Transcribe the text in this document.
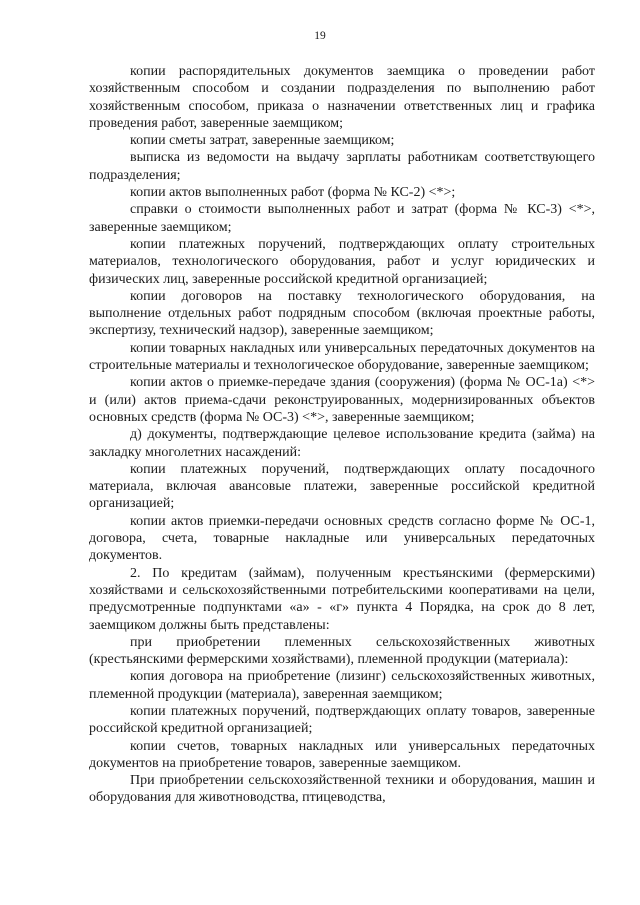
19

копии распорядительных документов заемщика о проведении работ хозяйственным способом и создании подразделения по выполнению работ хозяйственным способом, приказа о назначении ответственных лиц и графика проведения работ, заверенные заемщиком;

копии сметы затрат, заверенные заемщиком;

выписка из ведомости на выдачу зарплаты работникам соответствующего подразделения;

копии актов выполненных работ (форма № КС-2) <*>;

справки о стоимости выполненных работ и затрат (форма № КС-3) <*>, заверенные заемщиком;

копии платежных поручений, подтверждающих оплату строительных материалов, технологического оборудования, работ и услуг юридических и физических лиц, заверенные российской кредитной организацией;

копии договоров на поставку технологического оборудования, на выполнение отдельных работ подрядным способом (включая проектные работы, экспертизу, технический надзор), заверенные заемщиком;

копии товарных накладных или универсальных передаточных документов на строительные материалы и технологическое оборудование, заверенные заемщиком;

копии актов о приемке-передаче здания (сооружения) (форма № ОС-1а) <*> и (или) актов приема-сдачи реконструированных, модернизированных объектов основных средств (форма № ОС-3) <*>, заверенные заемщиком;

д) документы, подтверждающие целевое использование кредита (займа) на закладку многолетних насаждений:

копии платежных поручений, подтверждающих оплату посадочного материала, включая авансовые платежи, заверенные российской кредитной организацией;

копии актов приемки-передачи основных средств согласно форме № ОС-1, договора, счета, товарные накладные или универсальных передаточных документов.

2. По кредитам (займам), полученным крестьянскими (фермерскими) хозяйствами и сельскохозяйственными потребительскими кооперативами на цели, предусмотренные подпунктами «а» - «г» пункта 4 Порядка, на срок до 8 лет, заемщиком должны быть представлены:

при приобретении племенных сельскохозяйственных животных (крестьянскими фермерскими хозяйствами), племенной продукции (материала):

копия договора на приобретение (лизинг) сельскохозяйственных животных, племенной продукции (материала), заверенная заемщиком;

копии платежных поручений, подтверждающих оплату товаров, заверенные российской кредитной организацией;

копии счетов, товарных накладных или универсальных передаточных документов на приобретение товаров, заверенные заемщиком.

При приобретении сельскохозяйственной техники и оборудования, машин и оборудования для животноводства, птицеводства,
